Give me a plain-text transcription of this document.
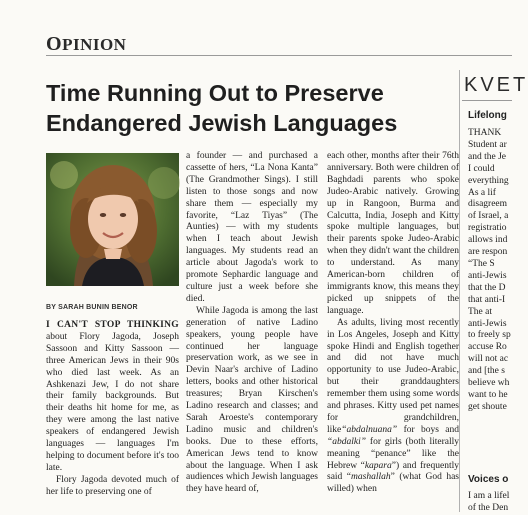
OPINION
Time Running Out to Preserve Endangered Jewish Languages
BY SARAH BUNIN BENOR

I CAN'T STOP THINKING about Flory Jagoda, Joseph Sassoon and Kitty Sassoon — three American Jews in their 90s who died last week. As an Ashkenazi Jew, I do not share their family backgrounds. But their deaths hit home for me, as they were among the last native speakers of endangered Jewish languages — languages I'm helping to document before it's too late.

Flory Jagoda devoted much of her life to preserving one of

a founder — and purchased a cassette of hers, “La Nona Kanta” (The Grandmother Sings). I still listen to those songs and now share them — especially my favorite, “Laz Tiyas” (The Aunties) — with my students when I teach about Jewish languages. My students read an article about Jagoda's work to promote Sephardic language and culture just a week before she died.

While Jagoda is among the last generation of native Ladino speakers, young people have continued her language preservation work, as we see in Devin Naar's archive of Ladino letters, books and other historical treasures; Bryan Kirschen's Ladino research and classes; and Sarah Aroeste's contemporary Ladino music and children's books. Due to these efforts, American Jews tend to know about the language. When I ask audiences which Jewish languages they have heard of,

each other, months after their 76th anniversary. Both were children of Baghdadi parents who spoke Judeo-Arabic natively. Growing up in Rangoon, Burma and Calcutta, India, Joseph and Kitty spoke multiple languages, but their parents spoke Judeo-Arabic when they didn't want the children to understand. As many American-born children of immigrants know, this means they picked up snippets of the language.

As adults, living most recently in Los Angeles, Joseph and Kitty spoke Hindi and English together and did not have much opportunity to use Judeo-Arabic, but their granddaughters remember them using some words and phrases. Kitty used pet names for grandchildren, like“abdalnuana” for boys and “abdalki” for girls (both literally meaning “penance” like the Hebrew “kapara”) and frequently said “mashallah” (what God has willed) when

KVET
Lifelong
THANK
Student ar
and the Je
I could
everything
As a lif
disagreem
of Israel, a
registratio
allows ind
are respon
“The S
anti-Jewis
that the D
that anti-I
The at
anti-Jewis
to freely sp
accuse Ro
will not ac
and [the s
believe wh
want to he
get shoute
Voices o
I am a lifel
of the Den
